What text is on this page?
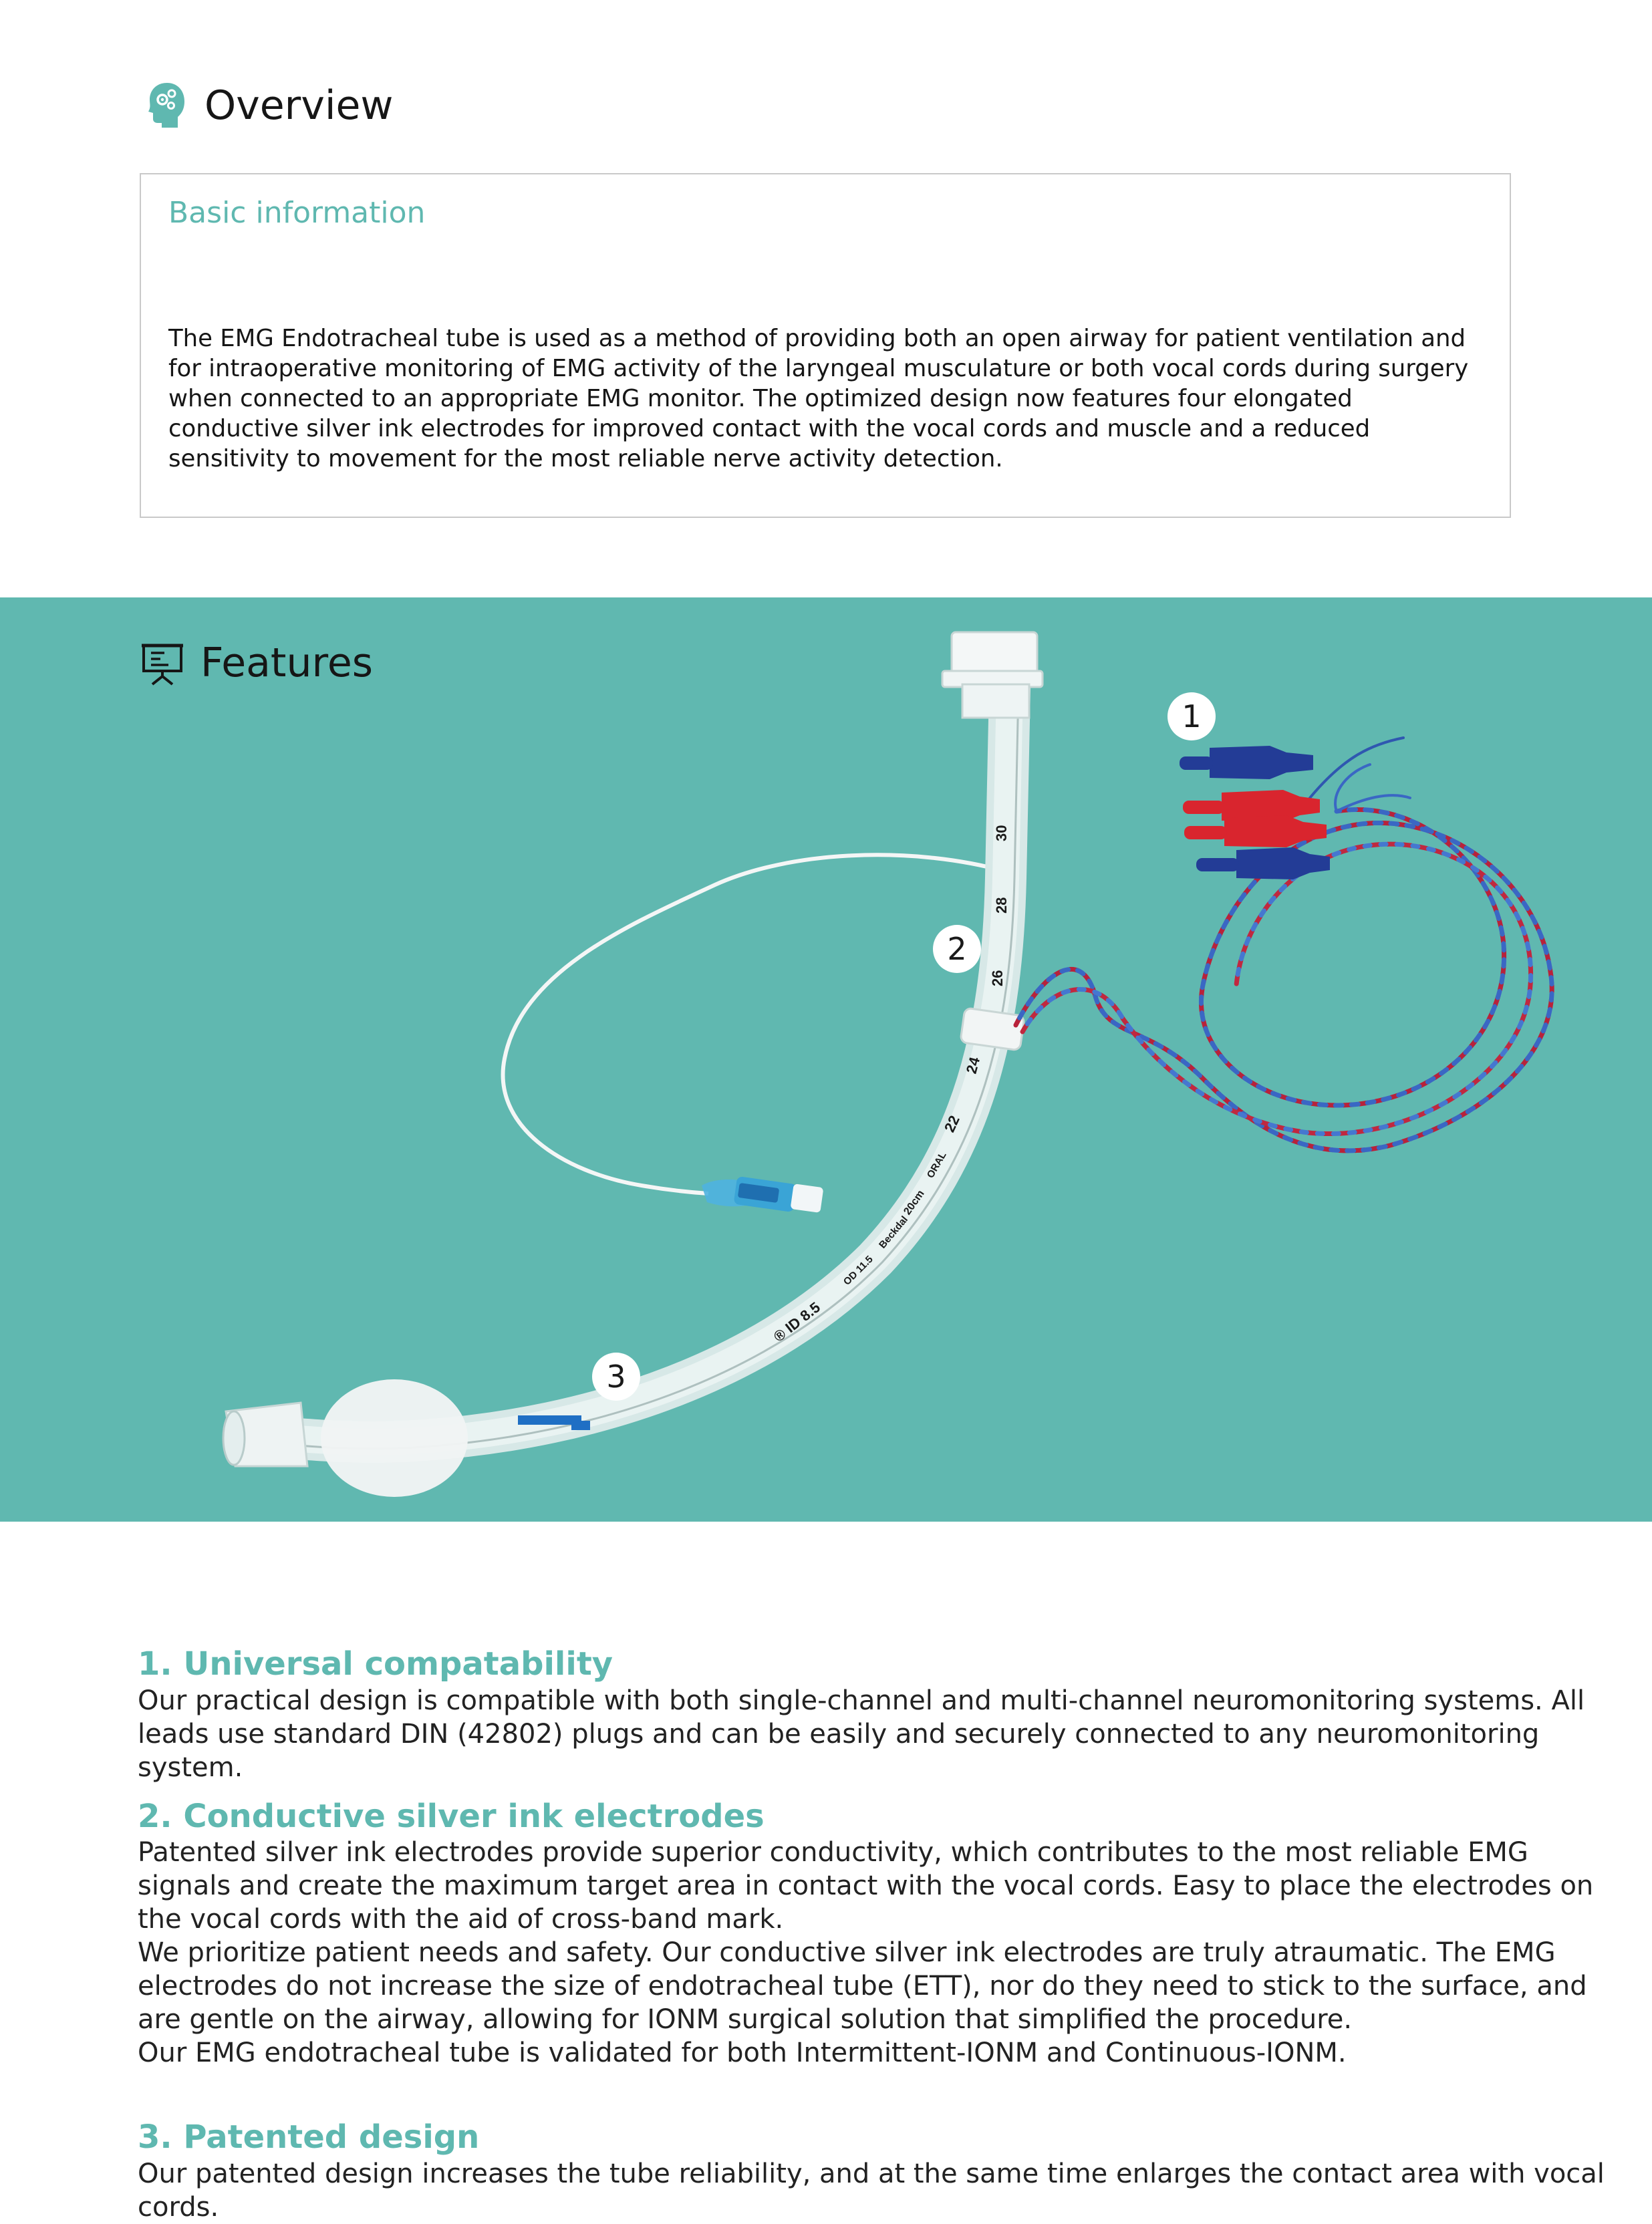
Overview
Basic information
The EMG Endotracheal tube is used as a method of providing both an open airway for patient ventilation and for intraoperative monitoring of EMG activity of the laryngeal musculature or both vocal cords during surgery when connected to an appropriate EMG monitor. The optimized design now features four elongated conductive silver ink electrodes for improved contact with the vocal cords and muscle and a reduced sensitivity to movement for the most reliable nerve activity detection.
30
28
26
24
22
® ID 8.5
OD 11.5
Beckdal
20cm
ORAL
1
2
3
Features
1. Universal compatability

Our practical design is compatible with both single-channel and multi-channel neuromonitoring systems. All leads use standard DIN (42802) plugs and can be easily and securely connected to any neuromonitoring system.

2. Conductive silver ink electrodes

Patented silver ink electrodes provide superior conductivity, which contributes to the most reliable EMG signals and create the maximum target area in contact with the vocal cords. Easy to place the electrodes on the vocal cords with the aid of cross-band mark.

We prioritize patient needs and safety. Our conductive silver ink electrodes are truly atraumatic. The EMG electrodes do not increase the size of endotracheal tube (ETT), nor do they need to stick to the surface, and are gentle on the airway, allowing for IONM surgical solution that simplified the procedure.

Our EMG endotracheal tube is validated for both Intermittent-IONM and Continuous-IONM.

3. Patented design

Our patented design increases the tube reliability, and at the same time enlarges the contact area with vocal cords.
